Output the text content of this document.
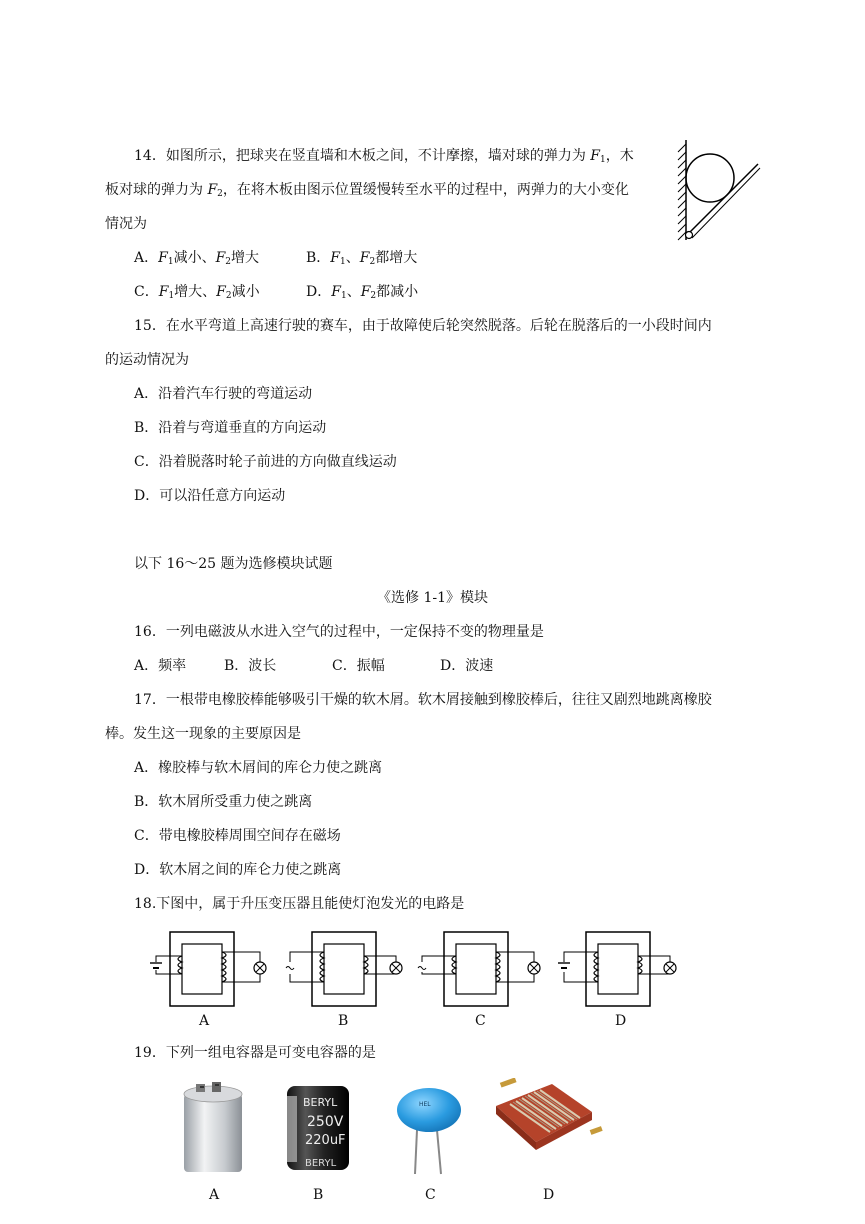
14．如图所示，把球夹在竖直墙和木板之间，不计摩擦，墙对球的弹力为 $F_1$，木
板对球的弹力为 $F_2$，在将木板由图示位置缓慢转至水平的过程中，两弹力的大小变化
情况为
A．$F_1$减小、$F_2$增大	B．$F_1$、$F_2$都增大
C．$F_1$增大、$F_2$减小	D．$F_1$、$F_2$都减小
15．在水平弯道上高速行驶的赛车，由于故障使后轮突然脱落。后轮在脱落后的一小段时间内
的运动情况为
A．沿着汽车行驶的弯道运动
B．沿着与弯道垂直的方向运动
C．沿着脱落时轮子前进的方向做直线运动
D．可以沿任意方向运动
以下 16～25 题为选修模块试题
《选修 1-1》模块
16．一列电磁波从水进入空气的过程中，一定保持不变的物理量是
A．频率	B．波长	C．振幅	D．波速
17．一根带电橡胶棒能够吸引干燥的软木屑。软木屑接触到橡胶棒后，往往又剧烈地跳离橡胶
棒。发生这一现象的主要原因是
A．橡胶棒与软木屑间的库仑力使之跳离
B．软木屑所受重力使之跳离
C．带电橡胶棒周围空间存在磁场
D．软木屑之间的库仑力使之跳离
18.下图中，属于升压变压器且能使灯泡发光的电路是
A	B	C	D
19．下列一组电容器是可变电容器的是
BERYL
250V
220uF
BERYL
HEL
A	B	C	D
